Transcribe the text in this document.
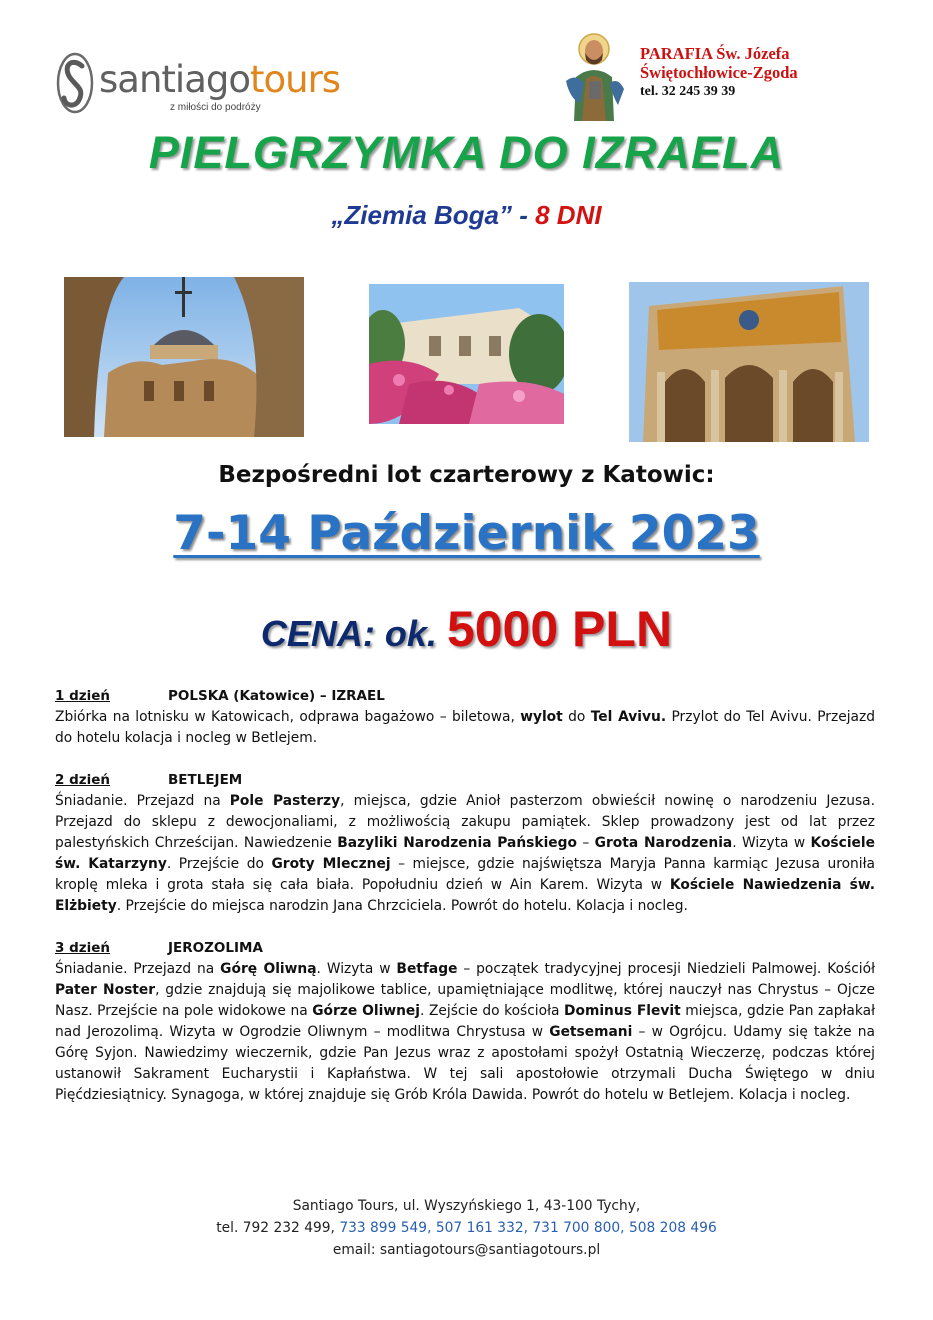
santiagotours
z miłości do podróży
PARAFIA Św. Józefa
Świętochłowice-Zgoda
tel. 32 245 39 39
PIELGRZYMKA DO IZRAELA
„Ziemia Boga” - 8 DNI
Bezpośredni lot czarterowy z Katowic:
7-14 Październik 2023
CENA: ok. 5000 PLN
1 dzień	POLSKA (Katowice) – IZRAEL
Zbiórka na lotnisku w Katowicach, odprawa bagażowo – biletowa, wylot do Tel Avivu. Przylot do Tel Avivu. Przejazd do hotelu kolacja i nocleg w Betlejem.
2 dzień	BETLEJEM
Śniadanie. Przejazd na Pole Pasterzy, miejsca, gdzie Anioł pasterzom obwieścił nowinę o narodzeniu Jezusa. Przejazd do sklepu z dewocjonaliami, z możliwością zakupu pamiątek. Sklep prowadzony jest od lat przez palestyńskich Chrześcijan. Nawiedzenie Bazyliki Narodzenia Pańskiego – Grota Narodzenia. Wizyta w Kościele św. Katarzyny. Przejście do Groty Mlecznej – miejsce, gdzie najświętsza Maryja Panna karmiąc Jezusa uroniła kroplę mleka i grota stała się cała biała. Popołudniu dzień w Ain Karem. Wizyta w Kościele Nawiedzenia św. Elżbiety. Przejście do miejsca narodzin Jana Chrzciciela. Powrót do hotelu. Kolacja i nocleg.
3 dzień	JEROZOLIMA
Śniadanie. Przejazd na Górę Oliwną. Wizyta w Betfage – początek tradycyjnej procesji Niedzieli Palmowej. Kościół Pater Noster, gdzie znajdują się majolikowe tablice, upamiętniające modlitwę, której nauczył nas Chrystus – Ojcze Nasz. Przejście na pole widokowe na Górze Oliwnej. Zejście do kościoła Dominus Flevit miejsca, gdzie Pan zapłakał nad Jerozolimą. Wizyta w Ogrodzie Oliwnym – modlitwa Chrystusa w Getsemani – w Ogrójcu. Udamy się także na Górę Syjon. Nawiedzimy wieczernik, gdzie Pan Jezus wraz z apostołami spożył Ostatnią Wieczerzę, podczas której ustanowił Sakrament Eucharystii i Kapłaństwa. W tej sali apostołowie otrzymali Ducha Świętego w dniu Pięćdziesiątnicy. Synagoga, w której znajduje się Grób Króla Dawida. Powrót do hotelu w Betlejem. Kolacja i nocleg.
Santiago Tours, ul. Wyszyńskiego 1, 43-100 Tychy,
tel. 792 232 499, 733 899 549, 507 161 332, 731 700 800, 508 208 496
email: santiagotours@santiagotours.pl
